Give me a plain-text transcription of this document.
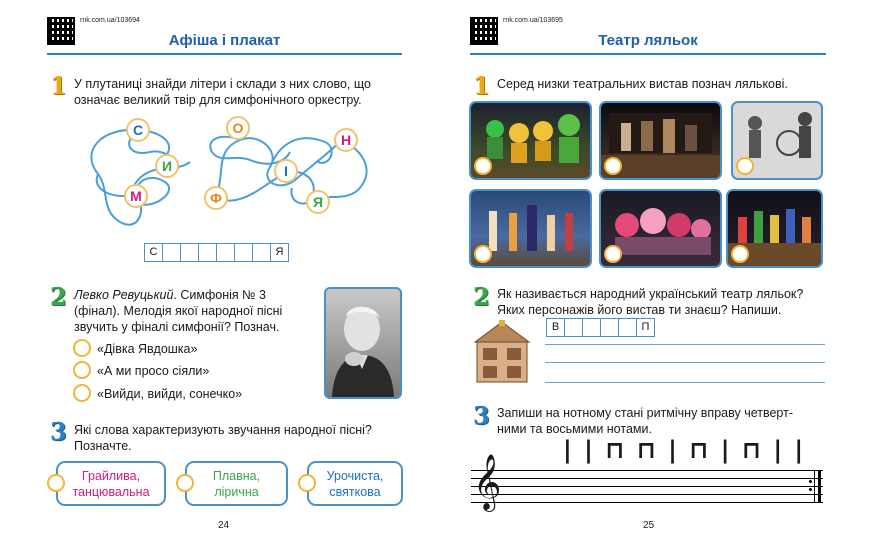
rnk.com.ua/103694
Афіша і плакат
1 У плутаниці знайди літери і склади з них слово, що
означає великий твір для симфонічного оркестру.
С
И
М
О
Ф
І
Н
Я
С	Я
2 Левко Ревуцький. Симфонія № 3
(фінал). Мелодія якої народної пісні
звучить у фіналі симфонії? Познач.
«Дівка Явдошка»
«А ми просо сіяли»
«Вийди, вийди, сонечко»
3 Які слова характеризують звучання народної пісні?
Позначте.
Грайлива,
танцювальна
Плавна,
лірична
Урочиста,
святкова
24
rnk.com.ua/103695
Театр ляльок
1 Серед низки театральних вистав познач лялькові.
2 Як називається народний український театр ляльок?
Яких персонажів його вистав ти знаєш? Напиши.
В	П
3 Запиши на нотному стані ритмічну вправу четверт-
ними та восьмими нотами.
| | ⊓ ⊓ | ⊓ | ⊓ | |
𝄞
25
